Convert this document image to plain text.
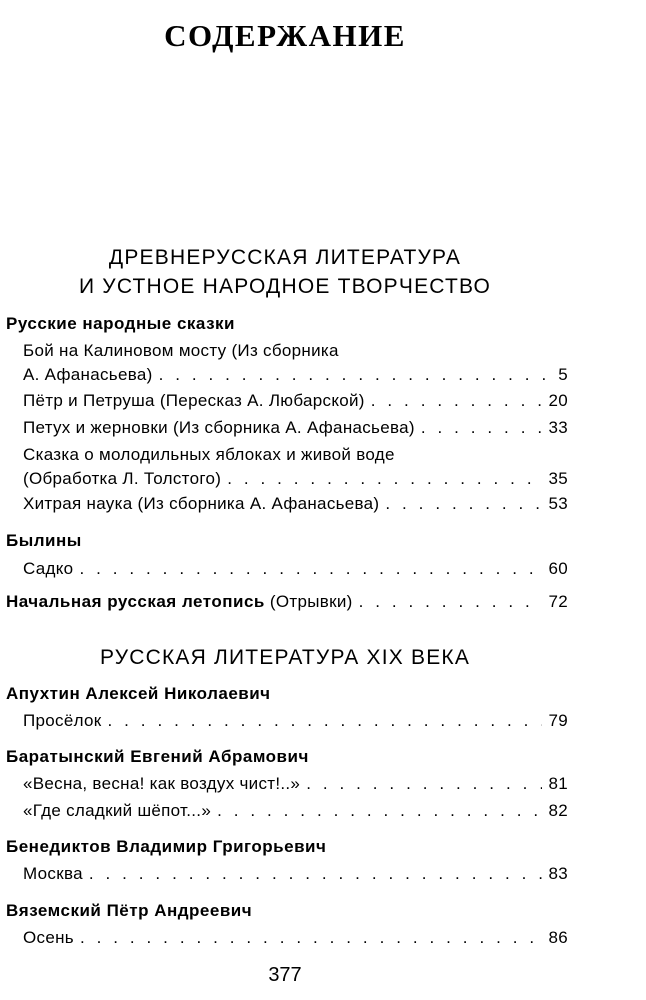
СОДЕРЖАНИЕ
ДРЕВНЕРУССКАЯ ЛИТЕРАТУРА
И УСТНОЕ НАРОДНОЕ ТВОРЧЕСТВО
Русские народные сказки
Бой на Калиновом мосту (Из сборника
А. Афанасьева) . . .	5
Пётр и Петруша (Пересказ А. Любарской) . . .	20
Петух и жерновки (Из сборника А. Афанасьева) . . .	33
Сказка о молодильных яблоках и живой воде
(Обработка Л. Толстого) . . .	35
Хитрая наука (Из сборника А. Афанасьева) . . .	53
Былины
Садко . . .	60
Начальная русская летопись (Отрывки) . . .	72
РУССКАЯ ЛИТЕРАТУРА XIX ВЕКА
Апухтин Алексей Николаевич
Просёлок . . .	79
Баратынский Евгений Абрамович
«Весна, весна! как воздух чист!..» . . .	81
«Где сладкий шёпот...» . . .	82
Бенедиктов Владимир Григорьевич
Москва . . .	83
Вяземский Пётр Андреевич
Осень . . .	86
377
